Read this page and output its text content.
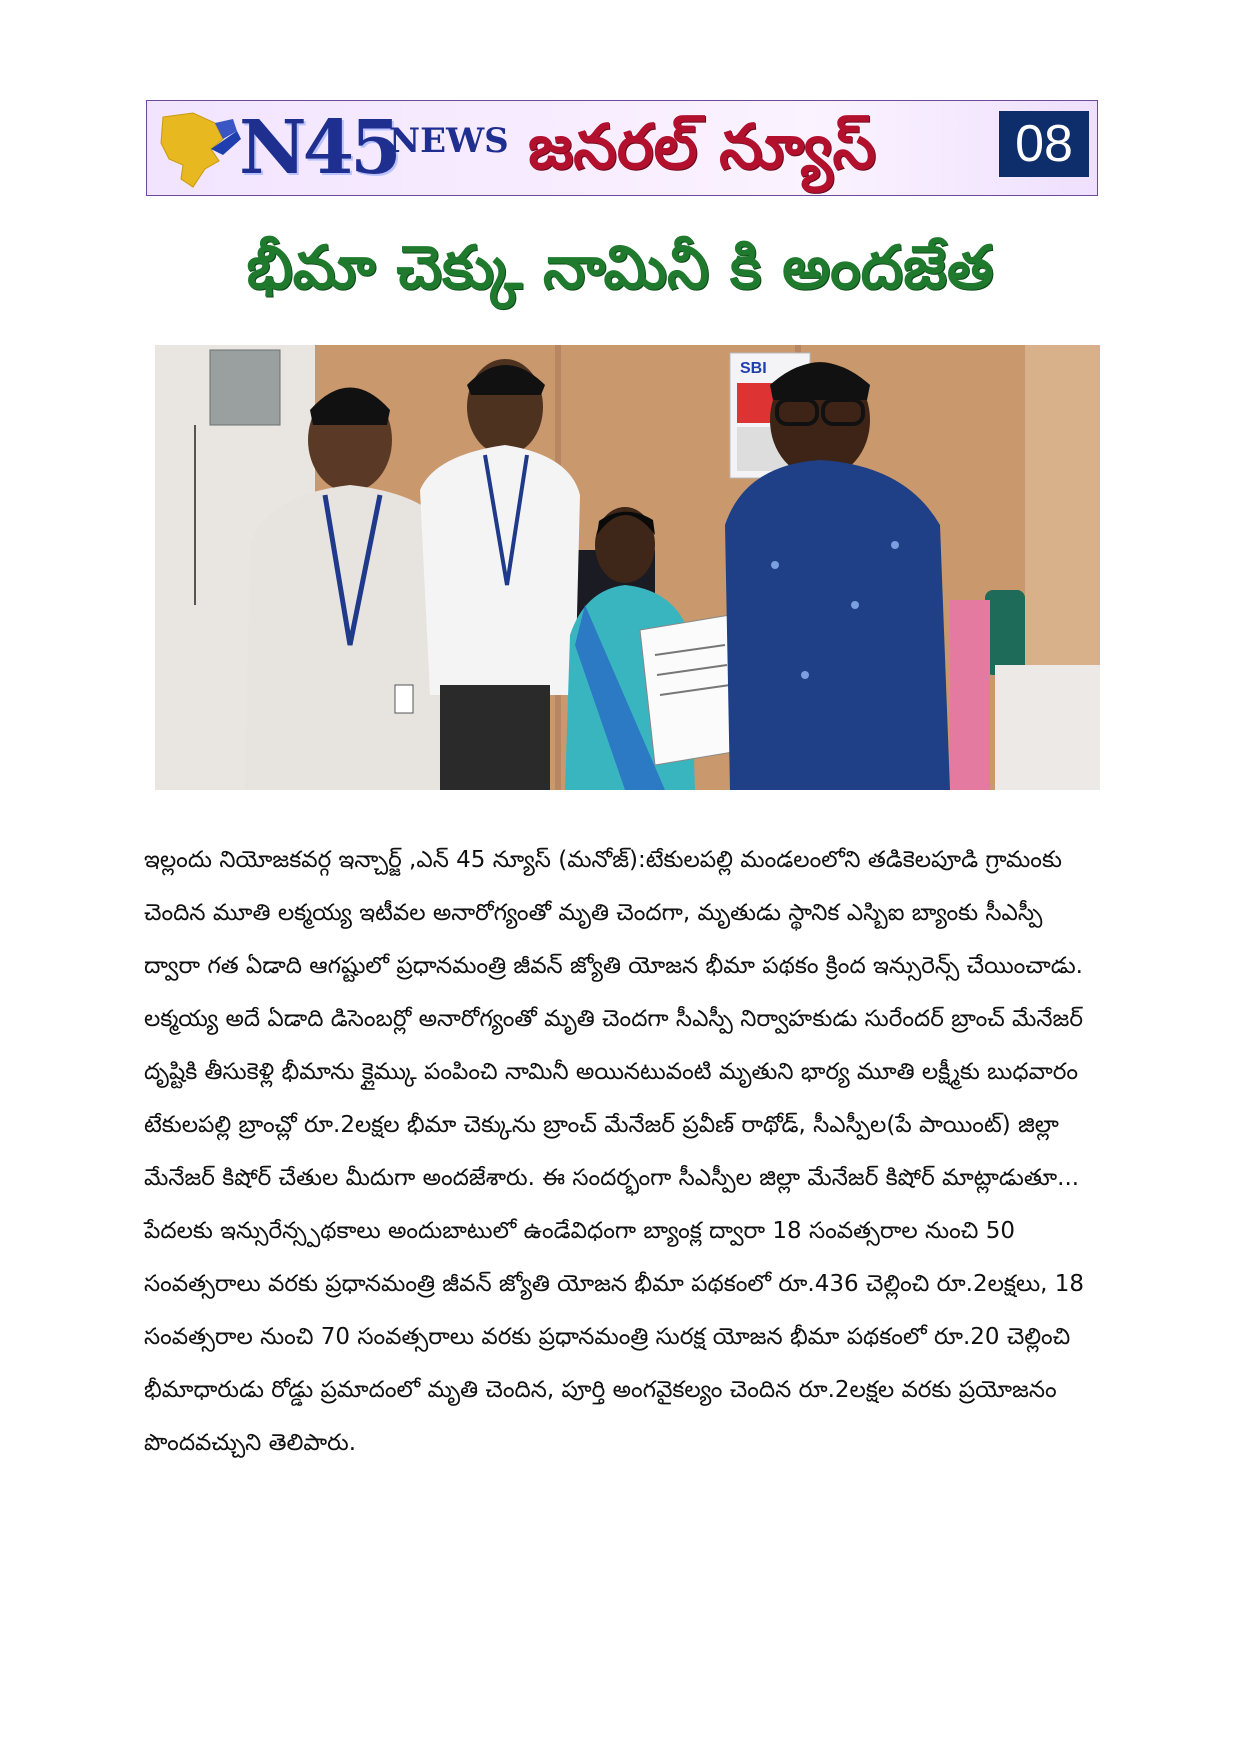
N45
NEWS జనరల్ న్యూస్	08
భీమా చెక్కు నామినీ కి అందజేత
SBI

ఇల్లందు నియోజకవర్గ ఇన్చార్జ్ ,ఎన్ 45 న్యూస్ (మనోజ్):టేకులపల్లి మండలంలోని తడికెలపూడి గ్రామంకు చెందిన మూతి లక్మయ్య ఇటీవల అనారోగ్యంతో మృతి చెందగా, మృతుడు స్థానిక ఎస్బిఐ బ్యాంకు సీఎస్పీ ద్వారా గత ఏడాది ఆగష్టులో ప్రధానమంత్రి జీవన్ జ్యోతి యోజన భీమా పథకం క్రింద ఇన్సురెన్స్ చేయించాడు. లక్మయ్య అదే ఏడాది డిసెంబర్లో అనారోగ్యంతో మృతి చెందగా సీఎస్పీ నిర్వాహకుడు సురేందర్ బ్రాంచ్ మేనేజర్ దృష్టికి తీసుకెళ్లి భీమాను క్లైమ్కు పంపించి నామినీ అయినటువంటి మృతుని భార్య మూతి లక్ష్మీకు బుధవారం టేకులపల్లి బ్రాంచ్లో రూ.2లక్షల భీమా చెక్కును బ్రాంచ్ మేనేజర్ ప్రవీణ్ రాథోడ్, సీఎస్పీల(పే పాయింట్) జిల్లా మేనేజర్ కిషోర్ చేతుల మీదుగా అందజేశారు. ఈ సందర్భంగా సీఎస్పీల జిల్లా మేనేజర్ కిషోర్ మాట్లాడుతూ... పేదలకు ఇన్సురేన్స్పథకాలు అందుబాటులో ఉండేవిధంగా బ్యాంక్ల ద్వారా 18 సంవత్సరాల నుంచి 50 సంవత్సరాలు వరకు ప్రధానమంత్రి జీవన్ జ్యోతి యోజన భీమా పథకంలో రూ.436 చెల్లించి రూ.2లక్షలు, 18 సంవత్సరాల నుంచి 70 సంవత్సరాలు వరకు ప్రధానమంత్రి సురక్ష యోజన భీమా పథకంలో రూ.20 చెల్లించి భీమాధారుడు రోడ్డు ప్రమాదంలో మృతి చెందిన, పూర్తి అంగవైకల్యం చెందిన రూ.2లక్షల వరకు ప్రయోజనం పొందవచ్చుని తెలిపారు.
